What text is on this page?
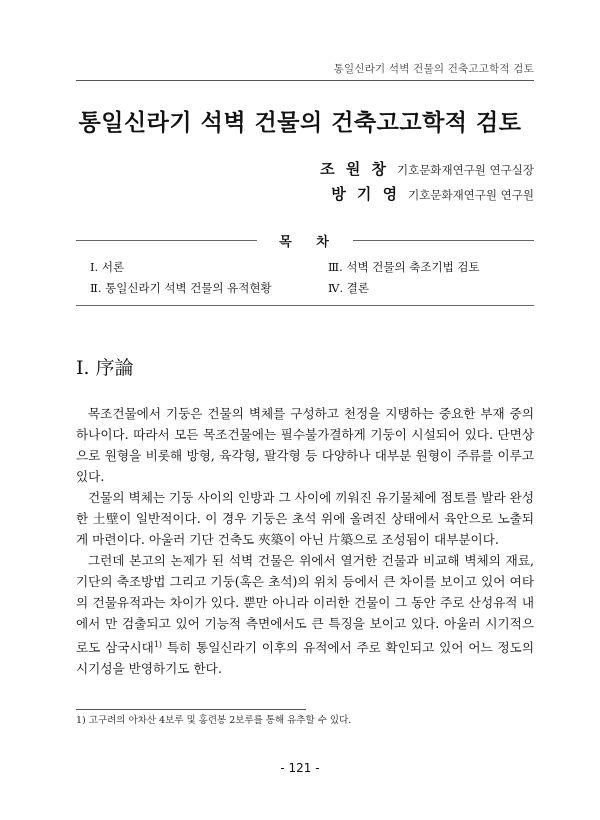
통일신라기 석벽 건물의 건축고고학적 검토
통일신라기 석벽 건물의 건축고고학적 검토
조 원 창 기호문화재연구원 연구실장
방 기 영 기호문화재연구원 연구원
목 차
Ⅰ. 서론	Ⅲ. 석벽 건물의 축조기법 검토
Ⅱ. 통일신라기 석벽 건물의 유적현황	Ⅳ. 결론
Ⅰ. 序論

목조건물에서 기둥은 건물의 벽체를 구성하고 천정을 지탱하는 중요한 부재 중의 하나이다. 따라서 모든 목조건물에는 필수불가결하게 기둥이 시설되어 있다. 단면상으로 원형을 비롯해 방형, 육각형, 팔각형 등 다양하나 대부분 원형이 주류를 이루고 있다.

건물의 벽체는 기둥 사이의 인방과 그 사이에 끼워진 유기물체에 점토를 발라 완성한 土壁이 일반적이다. 이 경우 기둥은 초석 위에 올려진 상태에서 육안으로 노출되게 마련이다. 아울러 기단 건축도 夾築이 아닌 片築으로 조성됨이 대부분이다.

그런데 본고의 논제가 된 석벽 건물은 위에서 열거한 건물과 비교해 벽체의 재료, 기단의 축조방법 그리고 기둥(혹은 초석)의 위치 등에서 큰 차이를 보이고 있어 여타의 건물유적과는 차이가 있다. 뿐만 아니라 이러한 건물이 그 동안 주로 산성유적 내에서 만 검출되고 있어 기능적 측면에서도 큰 특징을 보이고 있다. 아울러 시기적으로도 삼국시대$^{1)}$ 특히 통일신라기 이후의 유적에서 주로 확인되고 있어 어느 정도의 시기성을 반영하기도 한다.

1) 고구려의 아차산 4보루 및 홍련봉 2보루를 통해 유추할 수 있다.
- 121 -
